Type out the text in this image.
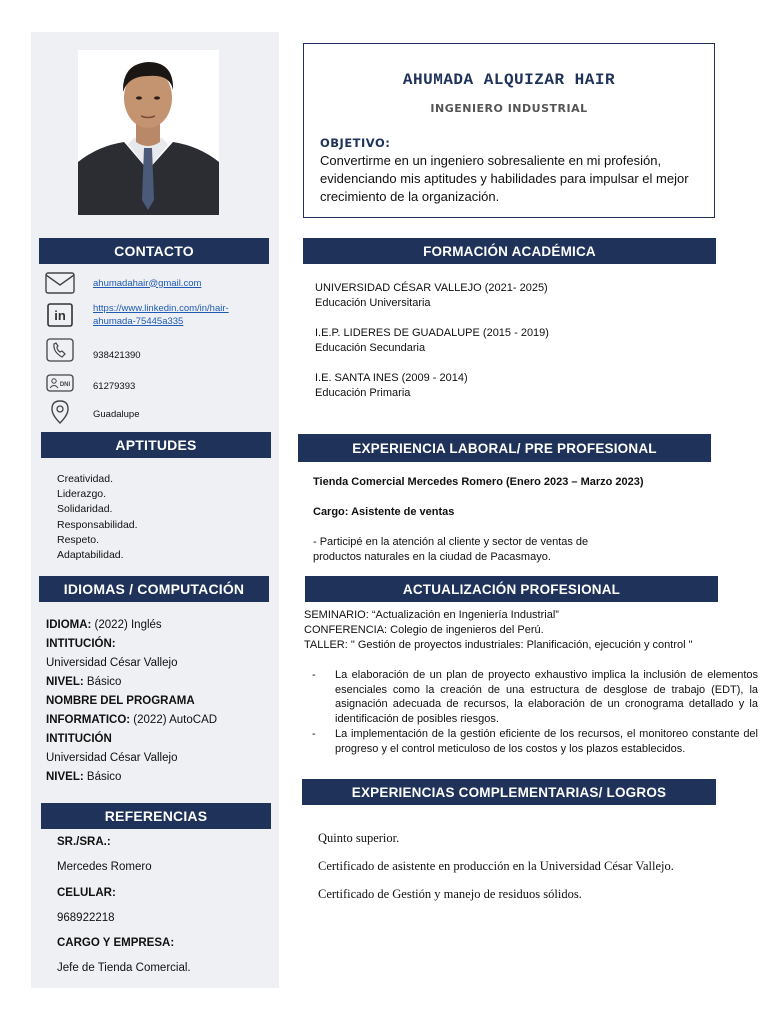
CONTACTO
ahumadahair@gmail.com
in	https://www.linkedin.com/in/hair-
ahumada-75445a335
938421390
DNI 61279393
Guadalupe
APTITUDES
Creatividad.
Liderazgo.
Solidaridad.
Responsabilidad.
Respeto.
Adaptabilidad.
IDIOMAS / COMPUTACIÓN
IDIOMA: (2022) Inglés
INTITUCIÓN:
Universidad César Vallejo
NIVEL: Básico
NOMBRE DEL PROGRAMA
INFORMATICO: (2022) AutoCAD
INTITUCIÓN
Universidad César Vallejo
NIVEL: Básico
REFERENCIAS
SR./SRA.:
Mercedes Romero
CELULAR:
968922218
CARGO Y EMPRESA:
Jefe de Tienda Comercial.
AHUMADA ALQUIZAR HAIR
INGENIERO INDUSTRIAL
OBJETIVO:
Convertirme en un ingeniero sobresaliente en mi profesión, evidenciando mis aptitudes y habilidades para impulsar el mejor crecimiento de la organización.
FORMACIÓN ACADÉMICA
UNIVERSIDAD CÉSAR VALLEJO (2021- 2025)
Educación Universitaria
I.E.P. LIDERES DE GUADALUPE (2015 - 2019)
Educación Secundaria
I.E. SANTA INES (2009 - 2014)
Educación Primaria
EXPERIENCIA LABORAL/ PRE PROFESIONAL
Tienda Comercial Mercedes Romero (Enero 2023 – Marzo 2023)
Cargo: Asistente de ventas
- Participé en la atención al cliente y sector de ventas de
productos naturales en la ciudad de Pacasmayo.
ACTUALIZACIÓN PROFESIONAL
SEMINARIO: “Actualización en Ingeniería Industrial”
CONFERENCIA: Colegio de ingenieros del Perú.
TALLER: " Gestión de proyectos industriales: Planificación, ejecución y control "
-	La elaboración de un plan de proyecto exhaustivo implica la inclusión de elementos esenciales como la creación de una estructura de desglose de trabajo (EDT), la asignación adecuada de recursos, la elaboración de un cronograma detallado y la identificación de posibles riesgos.
-	La implementación de la gestión eficiente de los recursos, el monitoreo constante del progreso y el control meticuloso de los costos y los plazos establecidos.
EXPERIENCIAS COMPLEMENTARIAS/ LOGROS
Quinto superior.
Certificado de asistente en producción en la Universidad César Vallejo.
Certificado de Gestión y manejo de residuos sólidos.
